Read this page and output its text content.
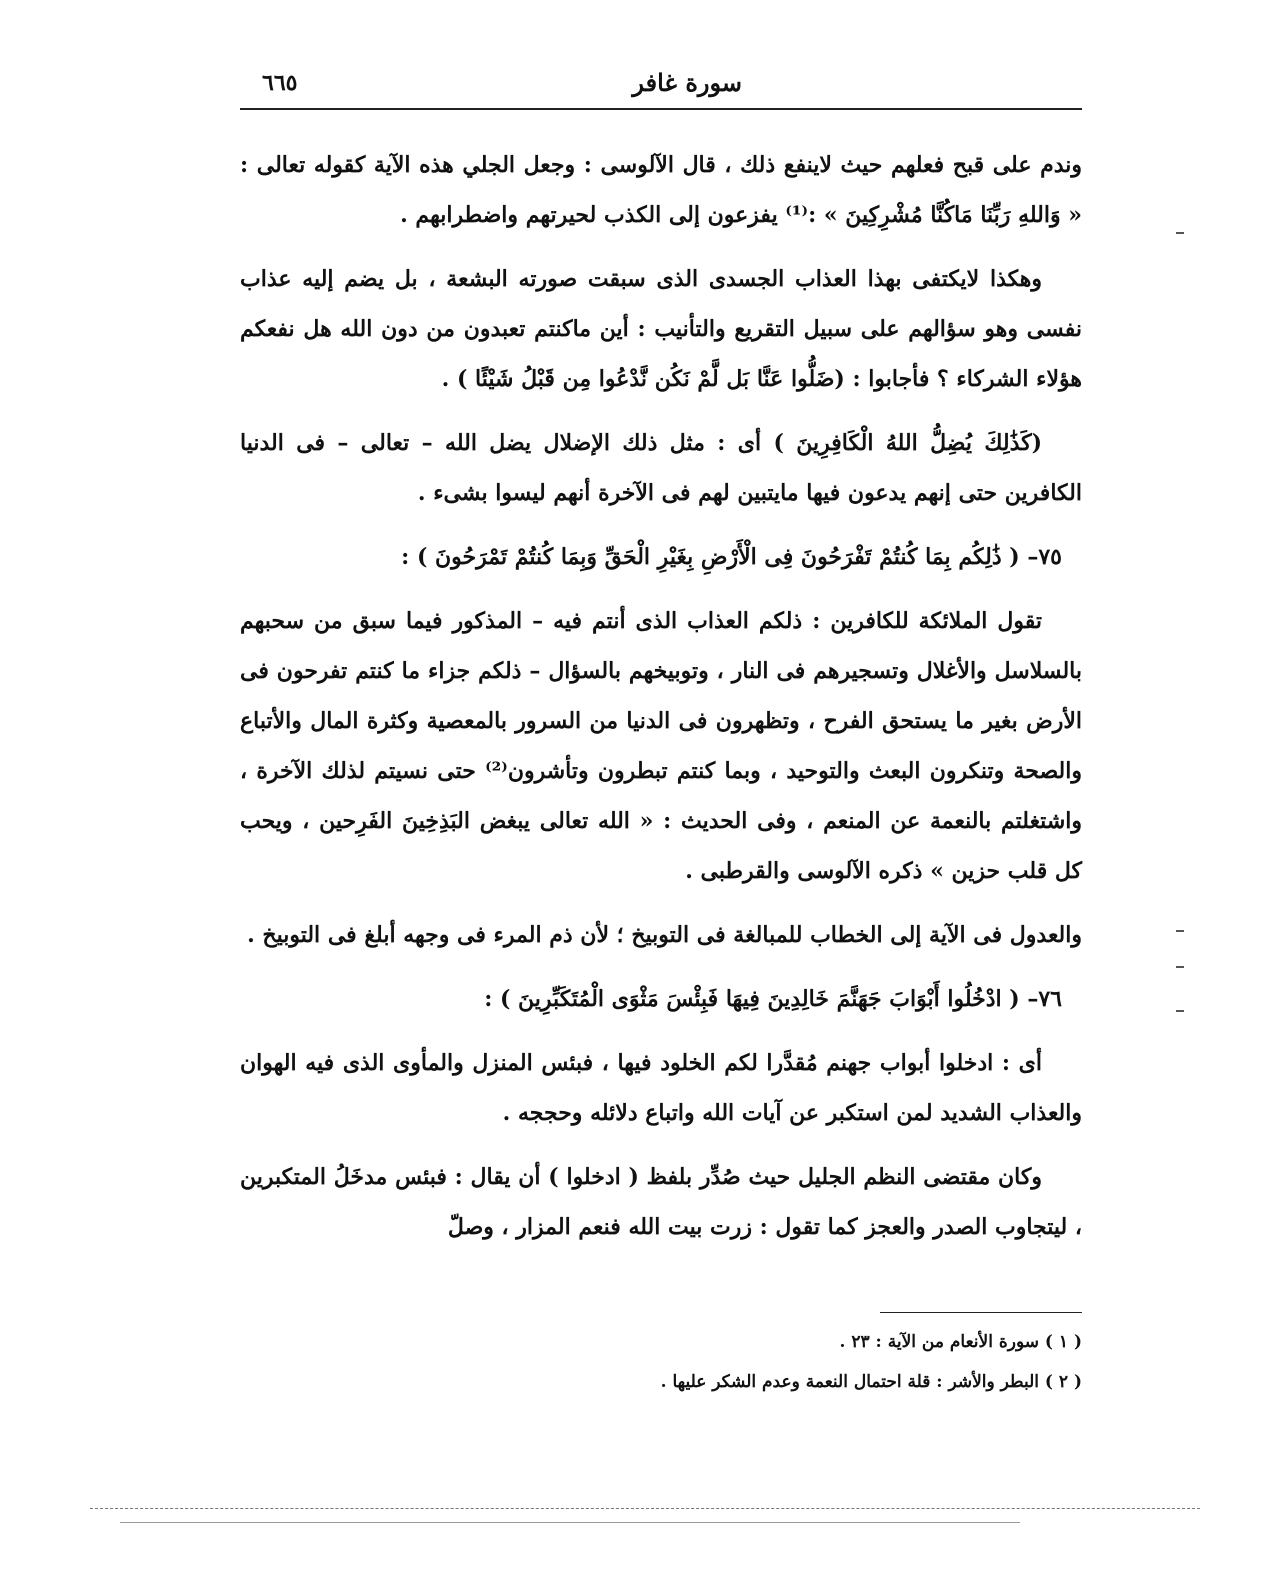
سورة غافر
٦٦٥

وندم على قبح فعلهم حيث لاينفع ذلك ، قال الآلوسى : وجعل الجلي هذه الآية كقوله تعالى : « وَاللهِ رَبِّنَا مَاكُنَّا مُشْرِكِينَ » :⁽¹⁾ يفزعون إلى الكذب لحيرتهم واضطرابهم .

وهكذا لايكتفى بهذا العذاب الجسدى الذى سبقت صورته البشعة ، بل يضم إليه عذاب نفسى وهو سؤالهم على سبيل التقريع والتأنيب : أين ماكنتم تعبدون من دون الله هل نفعكم هؤلاء الشركاء ؟ فأجابوا : (ضَلُّوا عَنَّا بَل لَّمْ نَكُن نَّدْعُوا مِن قَبْلُ شَيْئًا ) .

(كَذَٰلِكَ يُضِلُّ اللهُ الْكَافِرِينَ ) أى : مثل ذلك الإضلال يضل الله – تعالى – فى الدنيا الكافرين حتى إنهم يدعون فيها مايتبين لهم فى الآخرة أنهم ليسوا بشىء .

٧٥– ( ذَٰلِكُم بِمَا كُنتُمْ تَفْرَحُونَ فِى الْأَرْضِ بِغَيْرِ الْحَقِّ وَبِمَا كُنتُمْ تَمْرَحُونَ ) :

تقول الملائكة للكافرين : ذلكم العذاب الذى أنتم فيه – المذكور فيما سبق من سحبهم بالسلاسل والأغلال وتسجيرهم فى النار ، وتوبيخهم بالسؤال – ذلكم جزاء ما كنتم تفرحون فى الأرض بغير ما يستحق الفرح ، وتظهرون فى الدنيا من السرور بالمعصية وكثرة المال والأتباع والصحة وتنكرون البعث والتوحيد ، وبما كنتم تبطرون وتأشرون⁽²⁾ حتى نسيتم لذلك الآخرة ، واشتغلتم بالنعمة عن المنعم ، وفى الحديث : « الله تعالى يبغض البَذِخِينَ الفَرِحين ، ويحب كل قلب حزين » ذكره الآلوسى والقرطبى .

والعدول فى الآية إلى الخطاب للمبالغة فى التوبيخ ؛ لأن ذم المرء فى وجهه أبلغ فى التوبيخ .

٧٦– ( ادْخُلُوا أَبْوَابَ جَهَنَّمَ خَالِدِينَ فِيهَا فَبِئْسَ مَثْوَى الْمُتَكَبِّرِينَ ) :

أى : ادخلوا أبواب جهنم مُقدَّرا لكم الخلود فيها ، فبئس المنزل والمأوى الذى فيه الهوان والعذاب الشديد لمن استكبر عن آيات الله واتباع دلائله وحججه .

وكان مقتضى النظم الجليل حيث صُدِّر بلفظ ( ادخلوا ) أن يقال : فبئس مدخَلُ المتكبرين ، ليتجاوب الصدر والعجز كما تقول : زرت بيت الله فنعم المزار ، وصلّ

( ١ ) سورة الأنعام من الآية : ٢٣ .

( ٢ ) البطر والأشر : قلة احتمال النعمة وعدم الشكر عليها .
